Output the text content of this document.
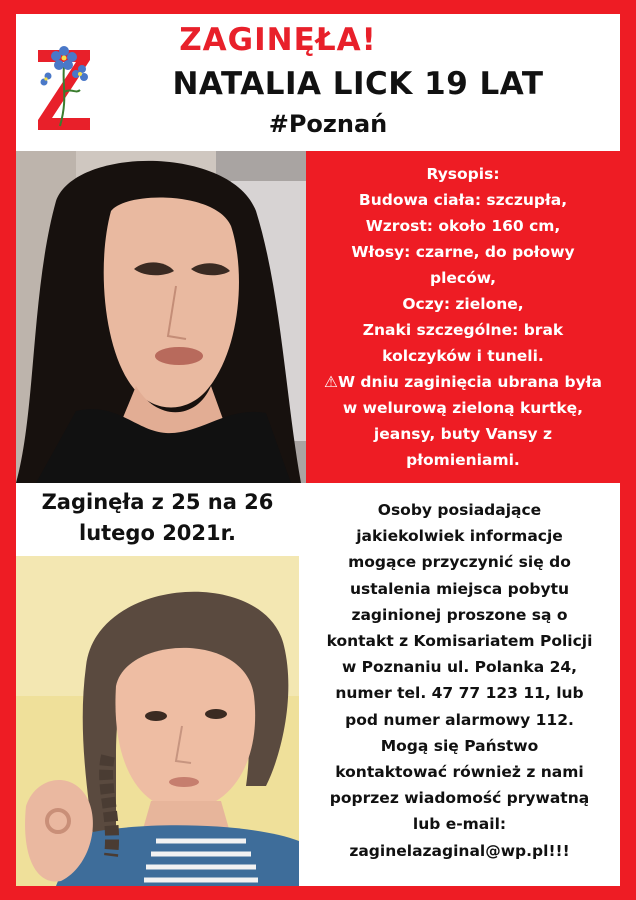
ZAGINĘŁA!
NATALIA LICK 19 LAT
#Poznań
Rysopis:
Budowa ciała: szczupła,
Wzrost: około 160 cm,
Włosy: czarne, do połowy
pleców,
Oczy: zielone,
Znaki szczególne: brak
kolczyków i tuneli.
⚠W dniu zaginięcia ubrana była
w welurową zieloną kurtkę,
jeansy, buty Vansy z
płomieniami.
Zaginęła z 25 na 26
lutego 2021r.
Osoby posiadające
jakiekolwiek informacje
mogące przyczynić się do
ustalenia miejsca pobytu
zaginionej proszone są o
kontakt z Komisariatem Policji
w Poznaniu ul. Polanka 24,
numer tel. 47 77 123 11, lub
pod numer alarmowy 112.
Mogą się Państwo
kontaktować również z nami
poprzez wiadomość prywatną
lub e-mail:
zaginelazaginal@wp.pl!!!
